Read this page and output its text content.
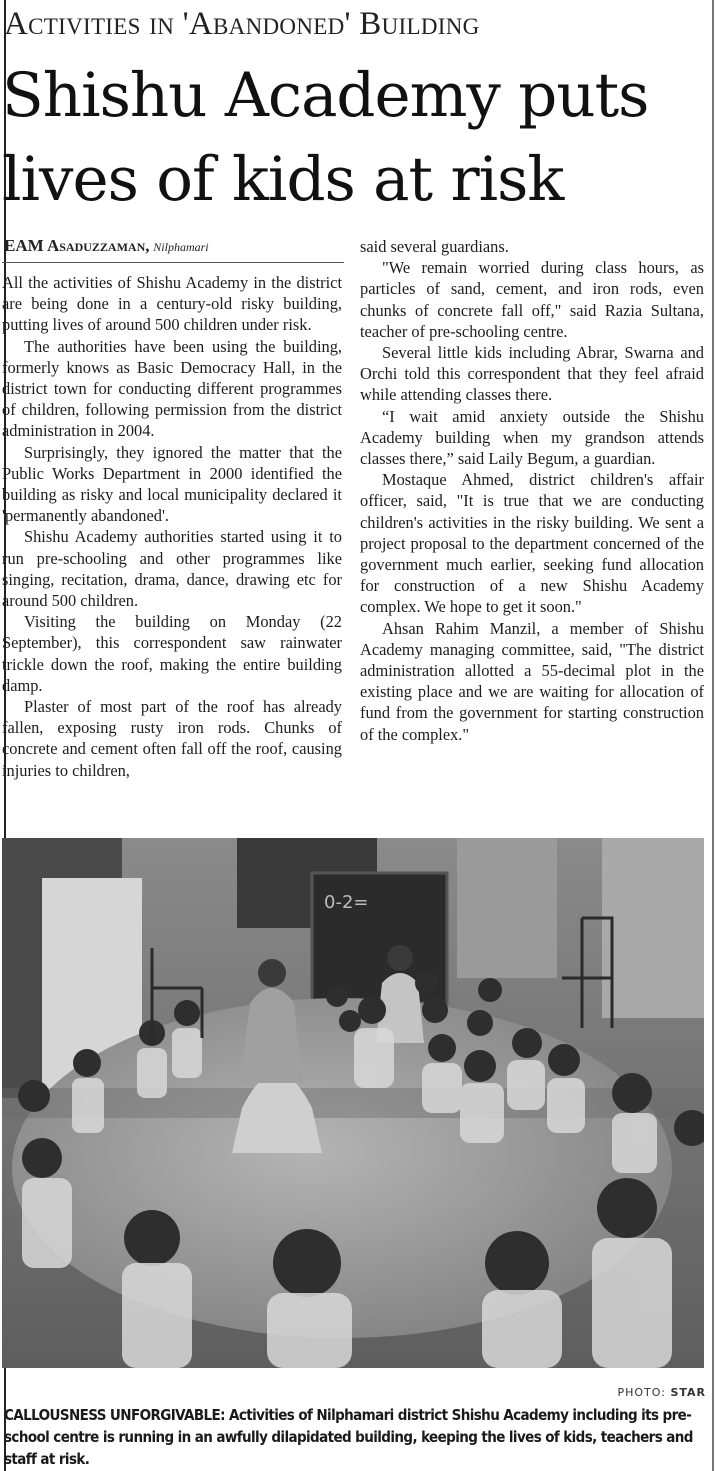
Activities in 'Abandoned' Building
Shishu Academy puts lives of kids at risk
EAM Asaduzzaman, Nilphamari

All the activities of Shishu Academy in the district are being done in a century-old risky building, putting lives of around 500 children under risk.

The authorities have been using the building, formerly knows as Basic Democracy Hall, in the district town for conducting different programmes of children, following permission from the district administration in 2004.

Surprisingly, they ignored the matter that the Public Works Department in 2000 identified the building as risky and local municipality declared it 'permanently abandoned'.

Shishu Academy authorities started using it to run pre-schooling and other programmes like singing, recitation, drama, dance, drawing etc for around 500 children.

Visiting the building on Monday (22 September), this correspondent saw rainwater trickle down the roof, making the entire building damp.

Plaster of most part of the roof has already fallen, exposing rusty iron rods. Chunks of concrete and cement often fall off the roof, causing injuries to children,

said several guardians.

"We remain worried during class hours, as particles of sand, cement, and iron rods, even chunks of concrete fall off," said Razia Sultana, teacher of pre-schooling centre.

Several little kids including Abrar, Swarna and Orchi told this correspondent that they feel afraid while attending classes there.

“I wait amid anxiety outside the Shishu Academy building when my grandson attends classes there,” said Laily Begum, a guardian.

Mostaque Ahmed, district children's affair officer, said, "It is true that we are conducting children's activities in the risky building. We sent a project proposal to the department concerned of the government much earlier, seeking fund allocation for construction of a new Shishu Academy complex. We hope to get it soon."

Ahsan Rahim Manzil, a member of Shishu Academy managing committee, said, "The district administration allotted a 55-decimal plot in the existing place and we are waiting for allocation of fund from the government for starting construction of the complex."

0-2=
PHOTO: STAR
CALLOUSNESS UNFORGIVABLE: Activities of Nilphamari district Shishu Academy including its pre-school centre is running in an awfully dilapidated building, keeping the lives of kids, teachers and staff at risk.
